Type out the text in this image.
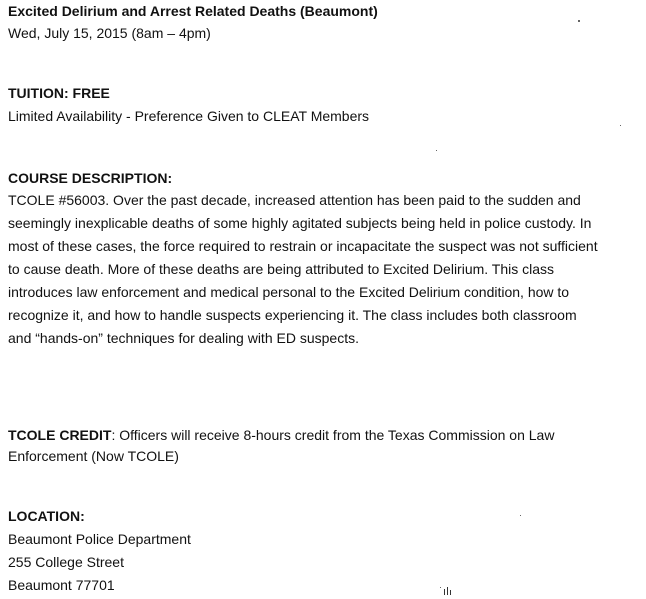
Excited Delirium and Arrest Related Deaths (Beaumont)
Wed, July 15, 2015 (8am – 4pm)
TUITION: FREE
Limited Availability - Preference Given to CLEAT Members
COURSE DESCRIPTION:
TCOLE #56003. Over the past decade, increased attention has been paid to the sudden and
seemingly inexplicable deaths of some highly agitated subjects being held in police custody. In
most of these cases, the force required to restrain or incapacitate the suspect was not sufficient
to cause death. More of these deaths are being attributed to Excited Delirium. This class
introduces law enforcement and medical personal to the Excited Delirium condition, how to
recognize it, and how to handle suspects experiencing it. The class includes both classroom
and “hands-on” techniques for dealing with ED suspects.
TCOLE CREDIT: Officers will receive 8-hours credit from the Texas Commission on Law
Enforcement (Now TCOLE)
LOCATION:
Beaumont Police Department
255 College Street
Beaumont 77701
